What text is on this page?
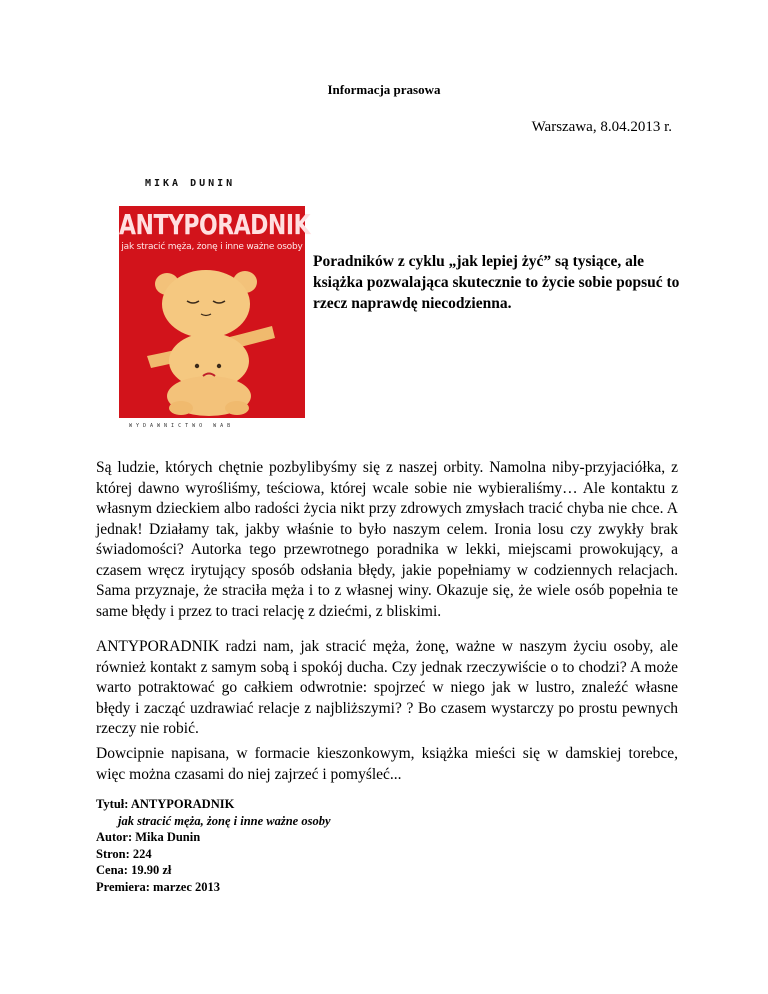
Informacja prasowa
Warszawa, 8.04.2013 r.
MIKA DUNIN
ANTYPORADNIK
jak stracić męża, żonę i inne ważne osoby
WYDAWNICTWO WAB
Poradników z cyklu „jak lepiej żyć” są tysiące, ale książka pozwalająca skutecznie to życie sobie popsuć to rzecz naprawdę niecodzienna.
Są ludzie, których chętnie pozbylibyśmy się z naszej orbity. Namolna niby-przyjaciółka, z której dawno wyrośliśmy, teściowa, której wcale sobie nie wybieraliśmy… Ale kontaktu z własnym dzieckiem albo radości życia nikt przy zdrowych zmysłach tracić chyba nie chce. A jednak! Działamy tak, jakby właśnie to było naszym celem. Ironia losu czy zwykły brak świadomości? Autorka tego przewrotnego poradnika w lekki, miejscami prowokujący, a czasem wręcz irytujący sposób odsłania błędy, jakie popełniamy w codziennych relacjach. Sama przyznaje, że straciła męża i to z własnej winy. Okazuje się, że wiele osób popełnia te same błędy i przez to traci relację z dziećmi, z bliskimi.
ANTYPORADNIK radzi nam, jak stracić męża, żonę, ważne w naszym życiu osoby, ale również kontakt z samym sobą i spokój ducha. Czy jednak rzeczywiście o to chodzi? A może warto potraktować go całkiem odwrotnie: spojrzeć w niego jak w lustro, znaleźć własne błędy i zacząć uzdrawiać relacje z najbliższymi? ? Bo czasem wystarczy po prostu pewnych rzeczy nie robić.
Dowcipnie napisana, w formacie kieszonkowym, książka mieści się w damskiej torebce, więc można czasami do niej zajrzeć i pomyśleć...
Tytuł: ANTYPORADNIK
jak stracić męża, żonę i inne ważne osoby
Autor: Mika Dunin
Stron: 224
Cena: 19.90 zł
Premiera: marzec 2013
